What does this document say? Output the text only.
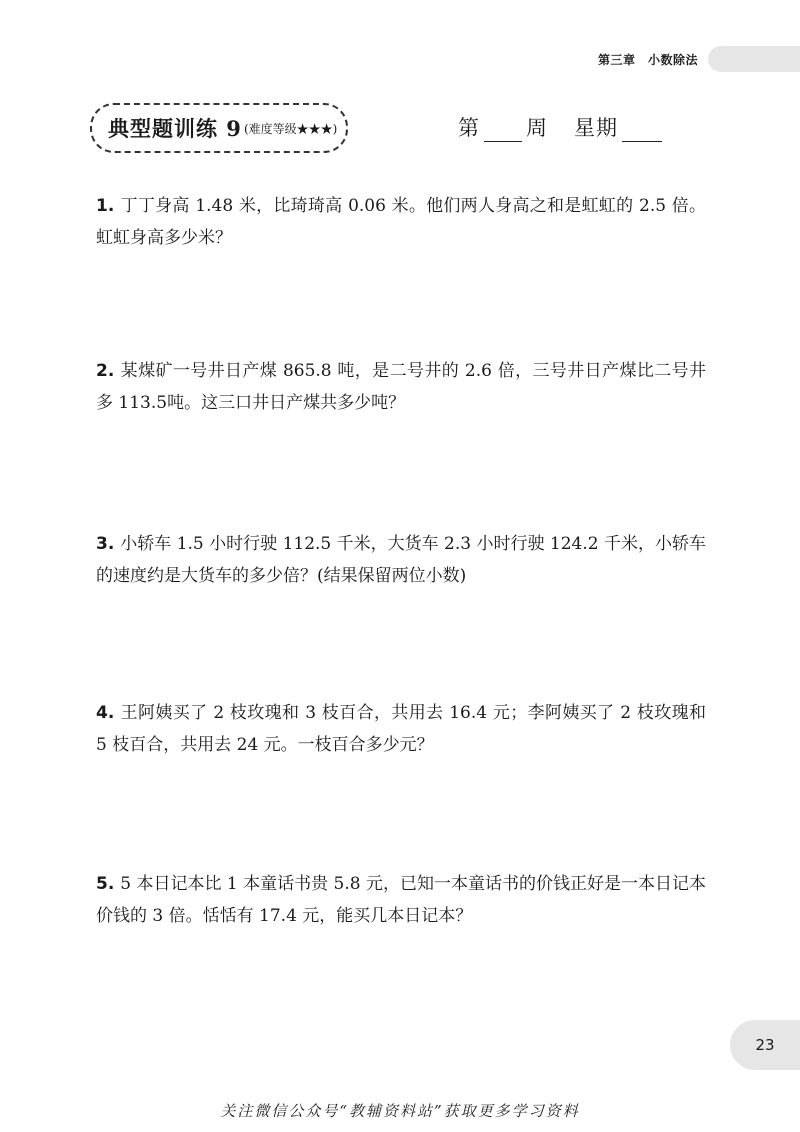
第三章　小数除法
典型题训练 9 (难度等级★★★)	第 周 星期
1. 丁丁身高 1.48 米，比琦琦高 0.06 米。他们两人身高之和是虹虹的 2.5 倍。虹虹身高多少米？
2. 某煤矿一号井日产煤 865.8 吨，是二号井的 2.6 倍，三号井日产煤比二号井多 113.5吨。这三口井日产煤共多少吨？
3. 小轿车 1.5 小时行驶 112.5 千米，大货车 2.3 小时行驶 124.2 千米，小轿车的速度约是大货车的多少倍？(结果保留两位小数)
4. 王阿姨买了 2 枝玫瑰和 3 枝百合，共用去 16.4 元；李阿姨买了 2 枝玫瑰和 5 枝百合，共用去 24 元。一枝百合多少元？
5. 5 本日记本比 1 本童话书贵 5.8 元，已知一本童话书的价钱正好是一本日记本价钱的 3 倍。恬恬有 17.4 元，能买几本日记本？
23
关注微信公众号“教辅资料站”获取更多学习资料
